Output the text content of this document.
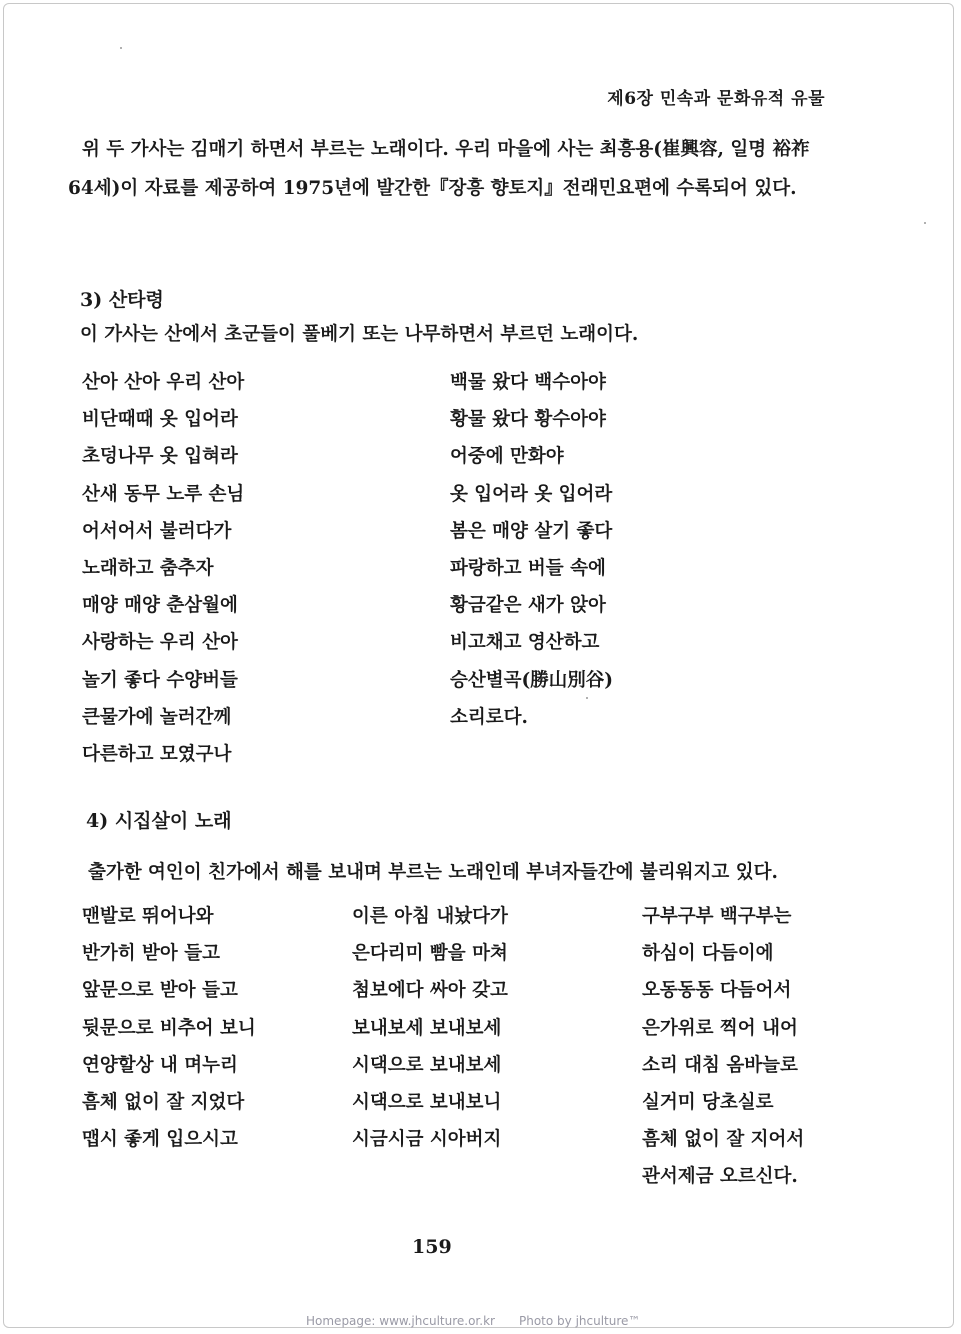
제6장 민속과 문화유적 유물

위 두 가사는 김매기 하면서 부르는 노래이다. 우리 마을에 사는 최흥용(崔興容, 일명 裕祚 64세)이 자료를 제공하여 1975년에 발간한『장흥 향토지』전래민요편에 수록되어 있다.

3) 산타령
이 가사는 산에서 초군들이 풀베기 또는 나무하면서 부르던 노래이다.
산아 산아 우리 산아
비단때때 옷 입어라
초덩나무 옷 입혀라
산새 동무 노루 손님
어서어서 불러다가
노래하고 춤추자
매양 매양 춘삼월에
사랑하는 우리 산아
놀기 좋다 수양버들
큰물가에 놀러간께
다른하고 모였구나
백물 왔다 백수아야
황물 왔다 황수아야
어중에 만화야
옷 입어라 옷 입어라
봄은 매양 살기 좋다
파랑하고 버들 속에
황금같은 새가 앉아
비고채고 영산하고
승산별곡(勝山別谷)
소리로다.
4) 시집살이 노래
출가한 여인이 친가에서 해를 보내며 부르는 노래인데 부녀자들간에 불리워지고 있다.
맨발로 뛰어나와
반가히 받아 들고
앞문으로 받아 들고
뒷문으로 비추어 보니
연양할상 내 며누리
흠체 없이 잘 지었다
맵시 좋게 입으시고
이른 아침 내놨다가
은다리미 빰을 마쳐
첨보에다 싸아 갖고
보내보세 보내보세
시댁으로 보내보세
시댁으로 보내보니
시금시금 시아버지
구부구부 백구부는
하심이 다듬이에
오동동동 다듬어서
은가위로 찍어 내어
소리 대침 옴바늘로
실거미 당초실로
흠체 없이 잘 지어서
관서제금 오르신다.
159
Homepage: www.jhculture.or.kr Photo by jhculture™
